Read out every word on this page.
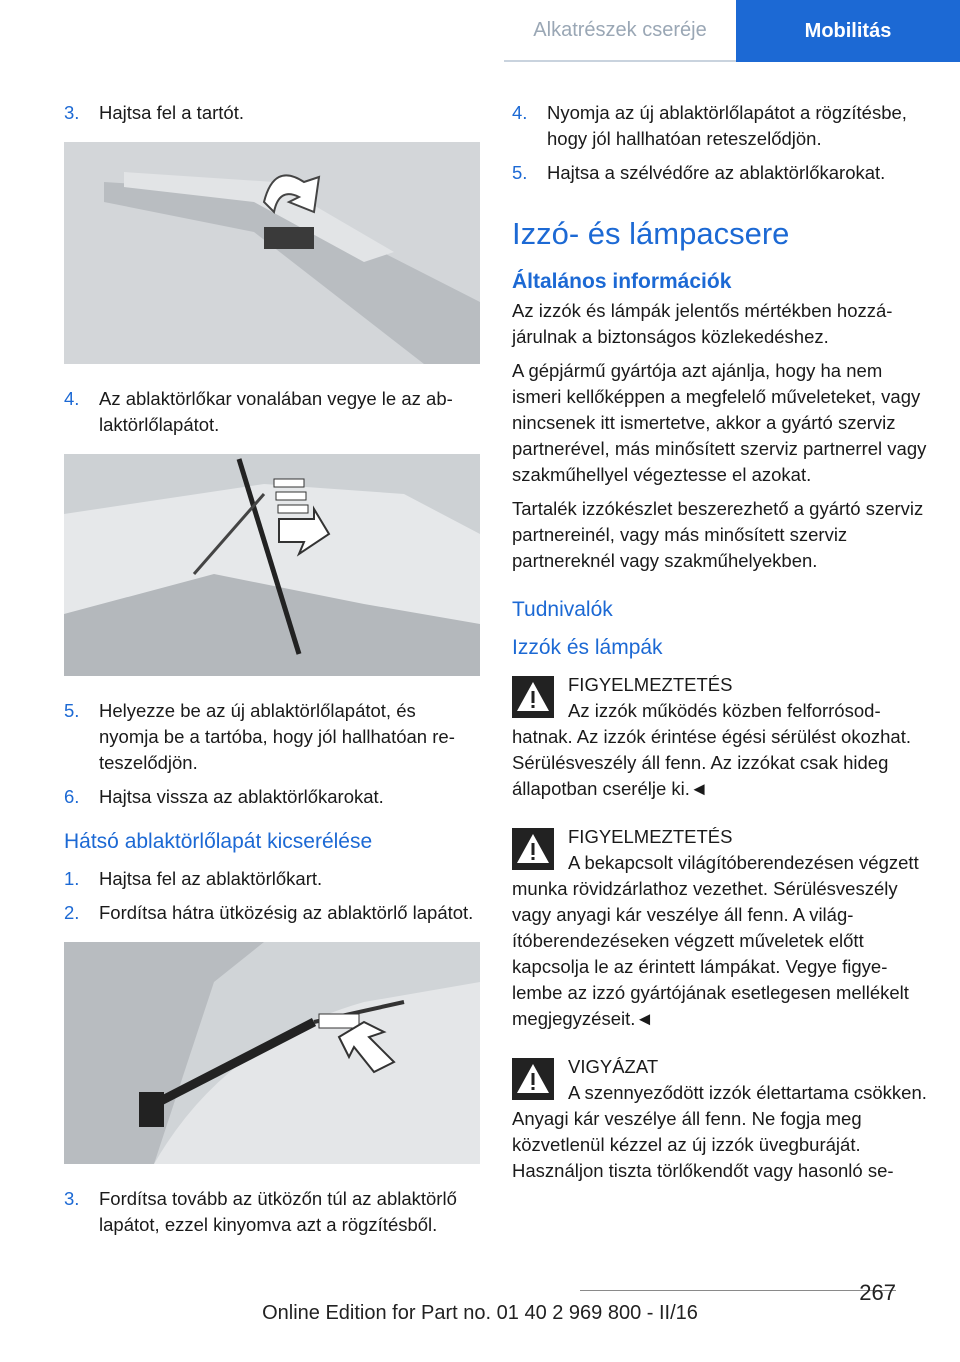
Alkatrészek cseréje	Mobilitás
3.	Hajtsa fel a tartót.
4.	Az ablaktörlőkar vonalában vegye le az ablaktörlőlapátot.
5.	Helyezze be az új ablaktörlőlapátot, és nyomja be a tartóba, hogy jól hallhatóan reteszelődjön.
6.	Hajtsa vissza az ablaktörlőkarokat.
Hátsó ablaktörlőlapát kicserélése
1.	Hajtsa fel az ablaktörlőkart.
2.	Fordítsa hátra ütközésig az ablaktörlő lapátot.
3.	Fordítsa tovább az ütközőn túl az ablaktörlő lapátot, ezzel kinyomva azt a rögzítésből.
4.	Nyomja az új ablaktörlőlapátot a rögzítésbe, hogy jól hallhatóan reteszelődjön.
5.	Hajtsa a szélvédőre az ablaktörlőkarokat.
Izzó- és lámpacsere
Általános információk

Az izzók és lámpák jelentős mértékben hozzájárulnak a biztonságos közlekedéshez.

A gépjármű gyártója azt ajánlja, hogy ha nem ismeri kellőképpen a megfelelő műveleteket, vagy nincsenek itt ismertetve, akkor a gyártó szerviz partnerével, más minősített szerviz partnerrel vagy szakműhellyel végeztesse el azokat.

Tartalék izzókészlet beszerezhető a gyártó szerviz partnereinél, vagy más minősített szerviz partnereknél vagy szakműhelyekben.

Tudnivalók
Izzók és lámpák
FIGYELMEZTETÉS
Az izzók működés közben felforrósodhatnak. Az izzók érintése égési sérülést okozhat. Sérülésveszély áll fenn. Az izzókat csak hideg állapotban cserélje ki.◄
FIGYELMEZTETÉS
A bekapcsolt világítóberendezésen végzett munka rövidzárlathoz vezethet. Sérülésveszély vagy anyagi kár veszélye áll fenn. A világítóberendezéseken végzett műveletek előtt kapcsolja le az érintett lámpákat. Vegye figyelembe az izzó gyártójának esetlegesen mellékelt megjegyzéseit.◄
VIGYÁZAT
A szennyeződött izzók élettartama csökken. Anyagi kár veszélye áll fenn. Ne fogja meg közvetlenül kézzel az új izzók üvegburáját. Használjon tiszta törlőkendőt vagy hasonló se-
267
Online Edition for Part no. 01 40 2 969 800 - II/16
